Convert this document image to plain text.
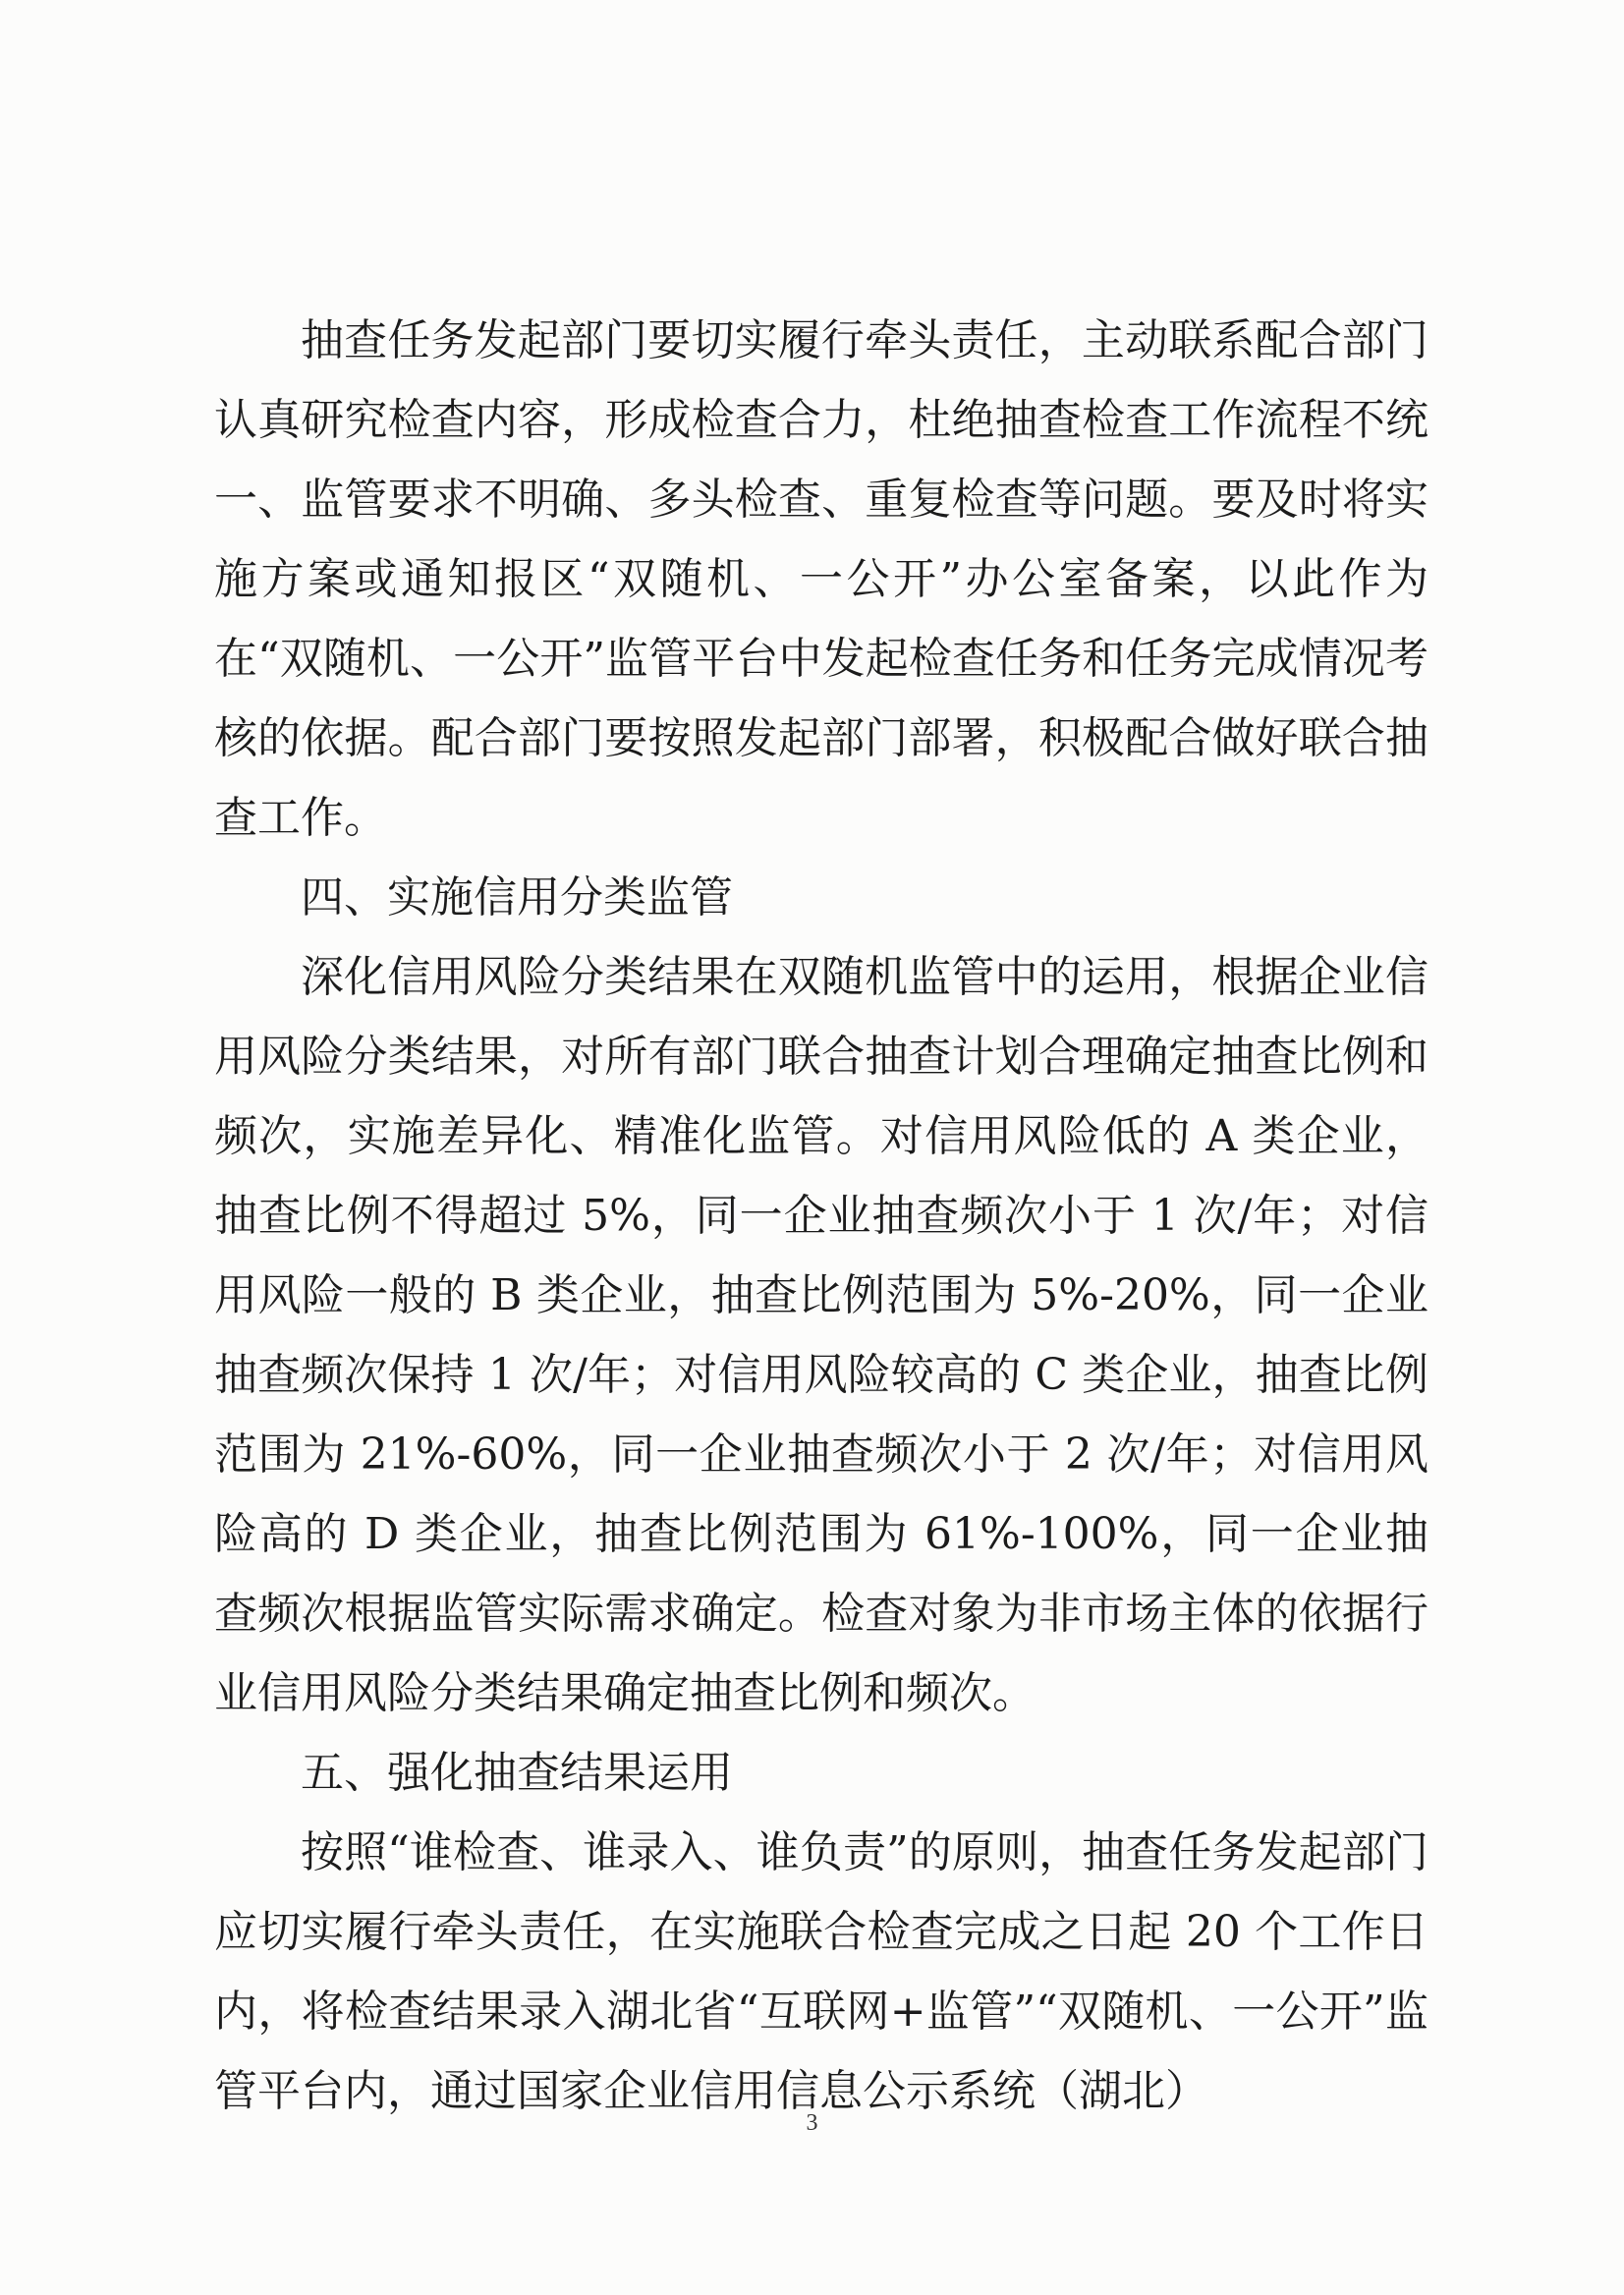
抽查任务发起部门要切实履行牵头责任，主动联系配合部门认真研究检查内容，形成检查合力，杜绝抽查检查工作流程不统一、监管要求不明确、多头检查、重复检查等问题。要及时将实施方案或通知报区“双随机、一公开”办公室备案，以此作为在“双随机、一公开”监管平台中发起检查任务和任务完成情况考核的依据。配合部门要按照发起部门部署，积极配合做好联合抽查工作。

四、实施信用分类监管

深化信用风险分类结果在双随机监管中的运用，根据企业信用风险分类结果，对所有部门联合抽查计划合理确定抽查比例和频次，实施差异化、精准化监管。对信用风险低的 A 类企业，抽查比例不得超过 5%，同一企业抽查频次小于 1 次/年；对信用风险一般的 B 类企业，抽查比例范围为 5%-20%，同一企业抽查频次保持 1 次/年；对信用风险较高的 C 类企业，抽查比例范围为 21%-60%，同一企业抽查频次小于 2 次/年；对信用风险高的 D 类企业，抽查比例范围为 61%-100%，同一企业抽查频次根据监管实际需求确定。检查对象为非市场主体的依据行业信用风险分类结果确定抽查比例和频次。

五、强化抽查结果运用

按照“谁检查、谁录入、谁负责”的原则，抽查任务发起部门应切实履行牵头责任，在实施联合检查完成之日起 20 个工作日内，将检查结果录入湖北省“互联网+监管”“双随机、一公开”监管平台内，通过国家企业信用信息公示系统（湖北）

3
